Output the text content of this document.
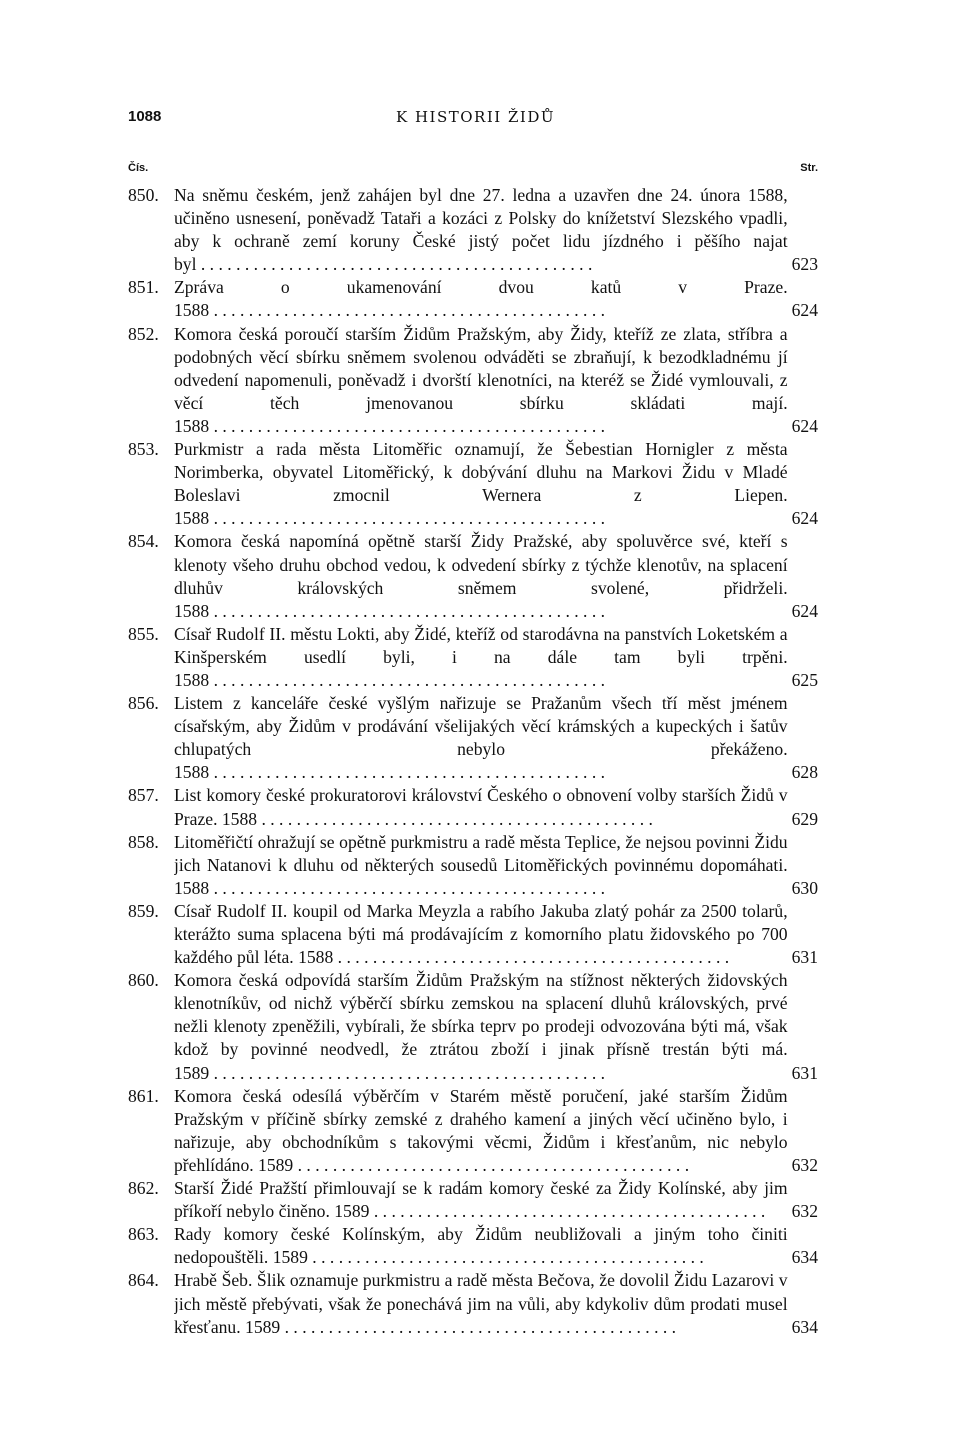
1088	K HISTORII ŽIDŮ
Čís.	Str.
850. Na sněmu českém, jenž zahájen byl dne 27. ledna a uzavřen dne 24. února 1588, učiněno usnesení, poněvadž Tataři a kozáci z Polsky do knížetství Slezského vpadli, aby k ochraně zemí koruny České jistý počet lidu jízdného i pěšího najat byl . . .	623
851. Zpráva o ukamenování dvou katů v Praze. 1588 . . .	624
852. Komora česká poroučí starším Židům Pražským, aby Židy, kteříž ze zlata, stříbra a podobných věcí sbírku sněmem svolenou odváděti se zbraňují, k bezodkladnému jí odvedení napomenuli, poněvadž i dvorští klenotníci, na kteréž se Židé vymlouvali, z věcí těch jmenovanou sbírku skládati mají. 1588 . . .	624
853. Purkmistr a rada města Litoměřic oznamují, že Šebestian Hornigler z města Norimberka, obyvatel Litoměřický, k dobývání dluhu na Markovi Židu v Mladé Boleslavi zmocnil Wernera z Liepen. 1588 . . .	624
854. Komora česká napomíná opětně starší Židy Pražské, aby spoluvěrce své, kteří s klenoty všeho druhu obchod vedou, k odvedení sbírky z týchže klenotův, na splacení dluhův královských sněmem svolené, přidrželi. 1588 . . .	624
855. Císař Rudolf II. městu Lokti, aby Židé, kteříž od starodávna na panstvích Loketském a Kinšperském usedlí byli, i na dále tam byli trpěni. 1588 . . .	625
856. Listem z kanceláře české vyšlým nařizuje se Pražanům všech tří měst jménem císařským, aby Židům v prodávání všelijakých věcí krámských a kupeckých i šatův chlupatých nebylo překáženo. 1588 . . .	628
857. List komory české prokuratorovi království Českého o obnovení volby starších Židů v Praze. 1588 . . .	629
858. Litoměřičtí ohražují se opětně purkmistru a radě města Teplice, že nejsou povinni Židu jich Natanovi k dluhu od některých sousedů Litoměřických povinnému dopomáhati. 1588 . . .	630
859. Císař Rudolf II. koupil od Marka Meyzla a rabího Jakuba zlatý pohár za 2500 tolarů, kterážto suma splacena býti má prodávajícím z komorního platu židovského po 700 každého půl léta. 1588 . . .	631
860. Komora česká odpovídá starším Židům Pražským na stížnost některých židovských klenotníkův, od nichž výběrčí sbírku zemskou na splacení dluhů královských, prvé nežli klenoty zpeněžili, vybírali, že sbírka teprv po prodeji odvozována býti má, však kdož by povinné neodvedl, že ztrátou zboží i jinak přísně trestán býti má. 1589 . . .	631
861. Komora česká odesílá výběrčím v Starém městě poručení, jaké starším Židům Pražským v příčině sbírky zemské z drahého kamení a jiných věcí učiněno bylo, i nařizuje, aby obchodníkům s takovými věcmi, Židům i křesťanům, nic nebylo přehlídáno. 1589 . . .	632
862. Starší Židé Pražští přimlouvají se k radám komory české za Židy Kolínské, aby jim příkoří nebylo činěno. 1589 . . .	632
863. Rady komory české Kolínským, aby Židům neubližovali a jiným toho činiti nedopouštěli. 1589 . . .	634
864. Hrabě Šeb. Šlik oznamuje purkmistru a radě města Bečova, že dovolil Židu Lazarovi v jich městě přebývati, však že ponechává jim na vůli, aby kdykoliv dům prodati musel křesťanu. 1589 . . .	634
